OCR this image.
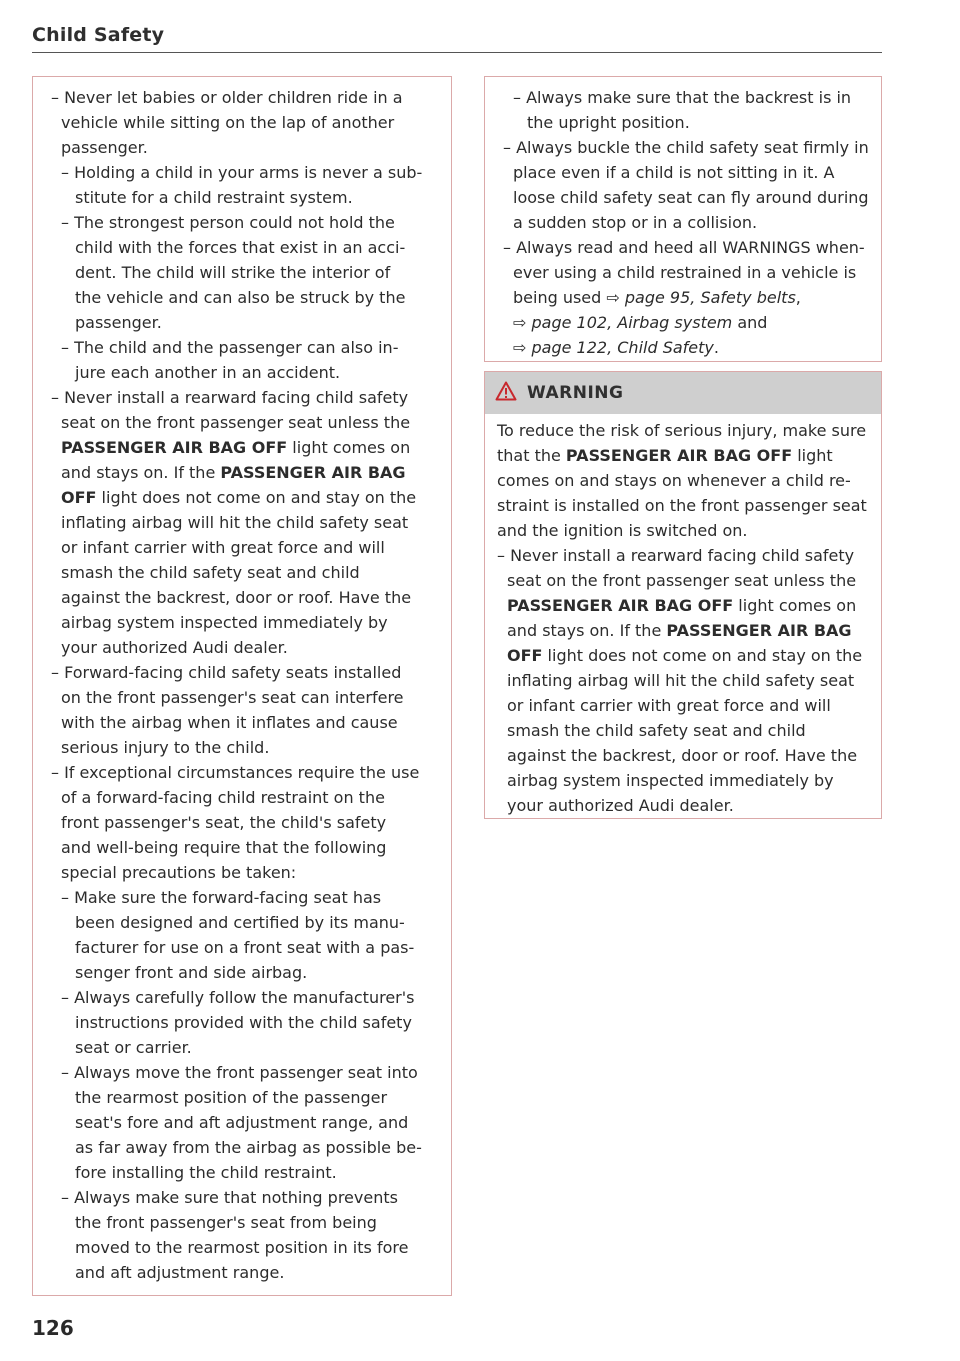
Child Safety
– Never let babies or older children ride in a
vehicle while sitting on the lap of another
passenger.
– Holding a child in your arms is never a sub-
stitute for a child restraint system.
– The strongest person could not hold the
child with the forces that exist in an acci-
dent. The child will strike the interior of
the vehicle and can also be struck by the
passenger.
– The child and the passenger can also in-
jure each another in an accident.
– Never install a rearward facing child safety
seat on the front passenger seat unless the
PASSENGER AIR BAG OFF light comes on
and stays on. If the PASSENGER AIR BAG
OFF light does not come on and stay on the
inflating airbag will hit the child safety seat
or infant carrier with great force and will
smash the child safety seat and child
against the backrest, door or roof. Have the
airbag system inspected immediately by
your authorized Audi dealer.
– Forward-facing child safety seats installed
on the front passenger's seat can interfere
with the airbag when it inflates and cause
serious injury to the child.
– If exceptional circumstances require the use
of a forward-facing child restraint on the
front passenger's seat, the child's safety
and well-being require that the following
special precautions be taken:
– Make sure the forward-facing seat has
been designed and certified by its manu-
facturer for use on a front seat with a pas-
senger front and side airbag.
– Always carefully follow the manufacturer's
instructions provided with the child safety
seat or carrier.
– Always move the front passenger seat into
the rearmost position of the passenger
seat's fore and aft adjustment range, and
as far away from the airbag as possible be-
fore installing the child restraint.
– Always make sure that nothing prevents
the front passenger's seat from being
moved to the rearmost position in its fore
and aft adjustment range.
– Always make sure that the backrest is in
the upright position.
– Always buckle the child safety seat firmly in
place even if a child is not sitting in it. A
loose child safety seat can fly around during
a sudden stop or in a collision.
– Always read and heed all WARNINGS when-
ever using a child restrained in a vehicle is
being used ⇨ page 95, Safety belts,
⇨ page 102, Airbag system and
⇨ page 122, Child Safety.
WARNING
To reduce the risk of serious injury, make sure
that the PASSENGER AIR BAG OFF light
comes on and stays on whenever a child re-
straint is installed on the front passenger seat
and the ignition is switched on.
– Never install a rearward facing child safety
seat on the front passenger seat unless the
PASSENGER AIR BAG OFF light comes on
and stays on. If the PASSENGER AIR BAG
OFF light does not come on and stay on the
inflating airbag will hit the child safety seat
or infant carrier with great force and will
smash the child safety seat and child
against the backrest, door or roof. Have the
airbag system inspected immediately by
your authorized Audi dealer.
126
